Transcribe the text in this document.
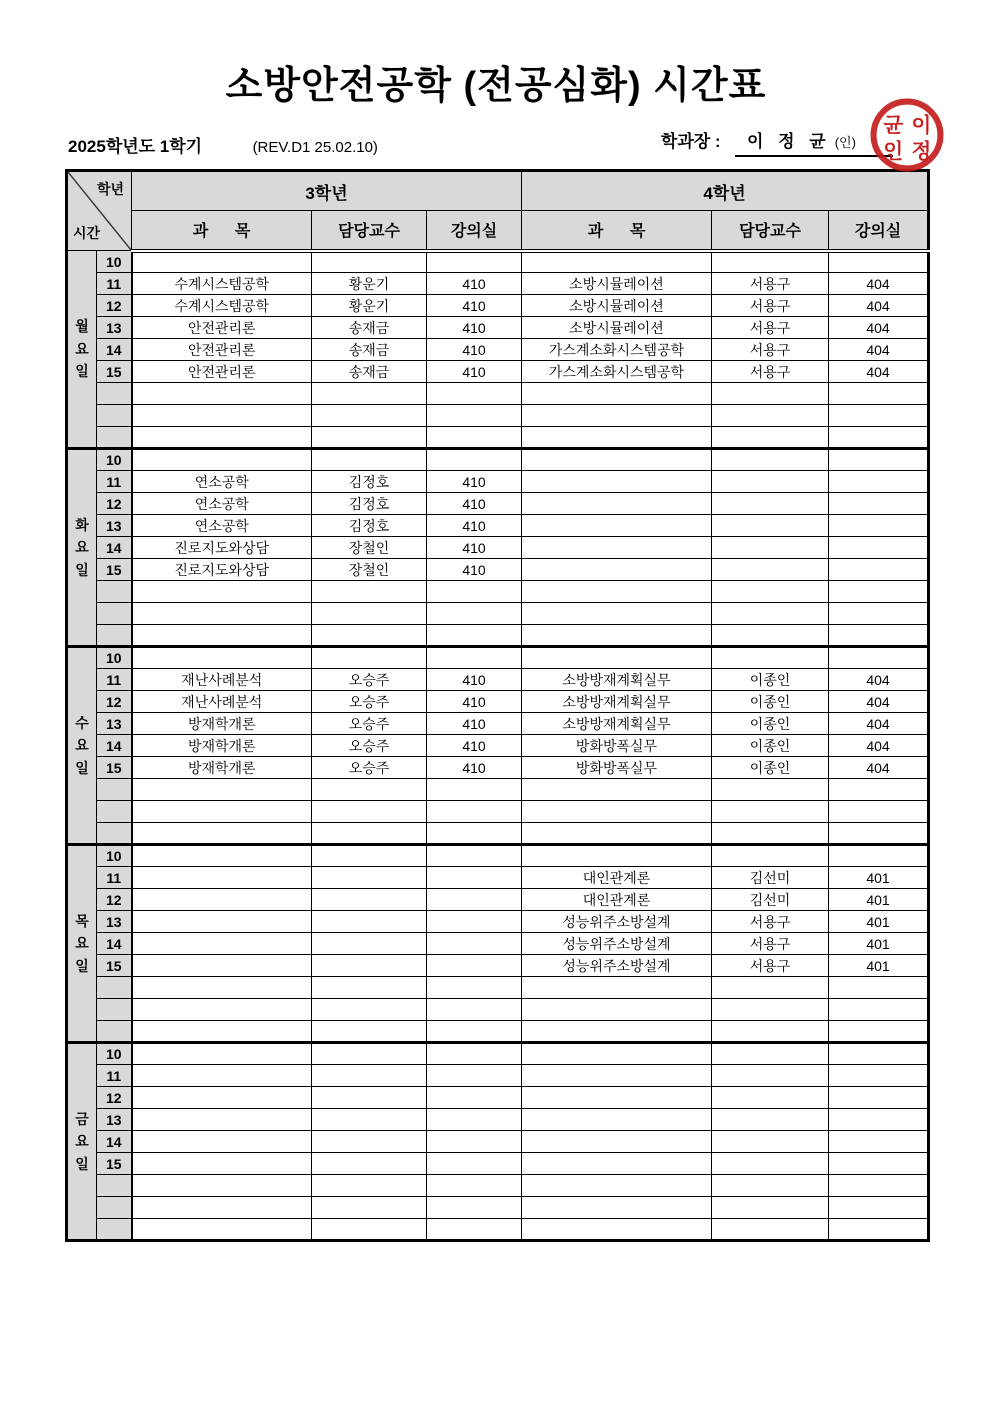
소방안전공학 (전공심화) 시간표
2025학년도 1학기	(REV.D1 25.02.10)	학과장 : 이 정 균 (인)
균 이
인 정
학년
시간		3학년			4학년		
		과      목	담당교수	강의실	과      목	담당교수	강의실

월
요
일	10						
	11	수계시스템공학	황운기	410	소방시뮬레이션	서용구	404
	12	수계시스템공학	황운기	410	소방시뮬레이션	서용구	404
	13	안전관리론	송재금	410	소방시뮬레이션	서용구	404
	14	안전관리론	송재금	410	가스계소화시스템공학	서용구	404
	15	안전관리론	송재금	410	가스계소화시스템공학	서용구	404

화
요
일	10						
	11	연소공학	김정호	410			
	12	연소공학	김정호	410			
	13	연소공학	김정호	410			
	14	진로지도와상담	장철인	410			
	15	진로지도와상담	장철인	410			

수
요
일	10						
	11	재난사례분석	오승주	410	소방방재계획실무	이종인	404
	12	재난사례분석	오승주	410	소방방재계획실무	이종인	404
	13	방재학개론	오승주	410	소방방재계획실무	이종인	404
	14	방재학개론	오승주	410	방화방폭실무	이종인	404
	15	방재학개론	오승주	410	방화방폭실무	이종인	404

목
요
일	10						
	11				대인관계론	김선미	401
	12				대인관계론	김선미	401
	13				성능위주소방설계	서용구	401
	14				성능위주소방설계	서용구	401
	15				성능위주소방설계	서용구	401

금
요
일	10						
	11						
	12						
	13						
	14						
	15						
